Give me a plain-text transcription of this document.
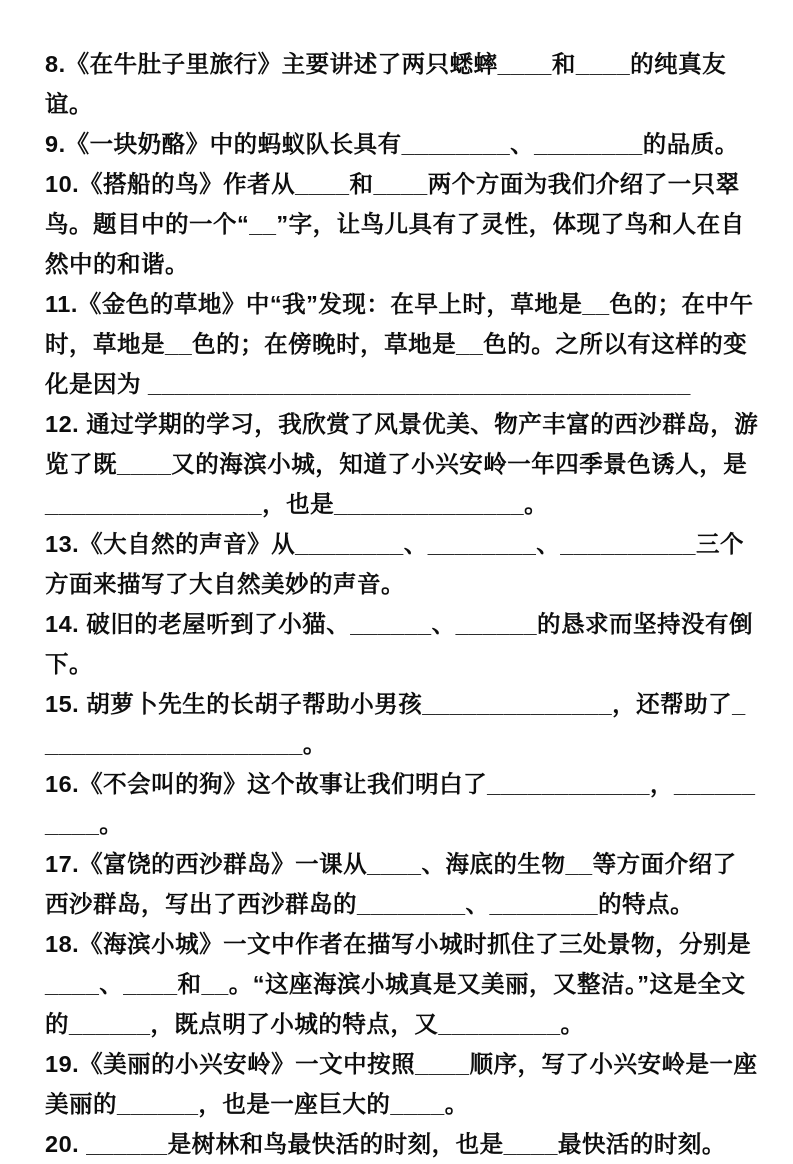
8.《在牛肚子里旅行》主要讲述了两只蟋蟀____和____的纯真友谊。

9.《一块奶酪》中的蚂蚁队长具有________、________的品质。

10.《搭船的鸟》作者从____和____两个方面为我们介绍了一只翠鸟。题目中的一个“__”字，让鸟儿具有了灵性，体现了鸟和人在自然中的和谐。

11.《金色的草地》中“我”发现：在早上时，草地是__色的；在中午时，草地是__色的；在傍晚时，草地是__色的。之所以有这样的变化是因为 ________________________________________

12. 通过学期的学习，我欣赏了风景优美、物产丰富的西沙群岛，游览了既____又的海滨小城，知道了小兴安岭一年四季景色诱人，是________________，也是______________。

13.《大自然的声音》从________、________、__________三个方面来描写了大自然美妙的声音。

14. 破旧的老屋听到了小猫、______、______的恳求而坚持没有倒下。

15. 胡萝卜先生的长胡子帮助小男孩______________，还帮助了____________________。

16.《不会叫的狗》这个故事让我们明白了____________，__________。

17.《富饶的西沙群岛》一课从____、海底的生物__等方面介绍了西沙群岛，写出了西沙群岛的________、________的特点。

18.《海滨小城》一文中作者在描写小城时抓住了三处景物，分别是____、____和__。“这座海滨小城真是又美丽，又整洁。”这是全文的______，既点明了小城的特点，又_________。

19.《美丽的小兴安岭》一文中按照____顺序，写了小兴安岭是一座美丽的______，也是一座巨大的____。

20. ______是树林和鸟最快活的时刻，也是____最快活的时刻。
